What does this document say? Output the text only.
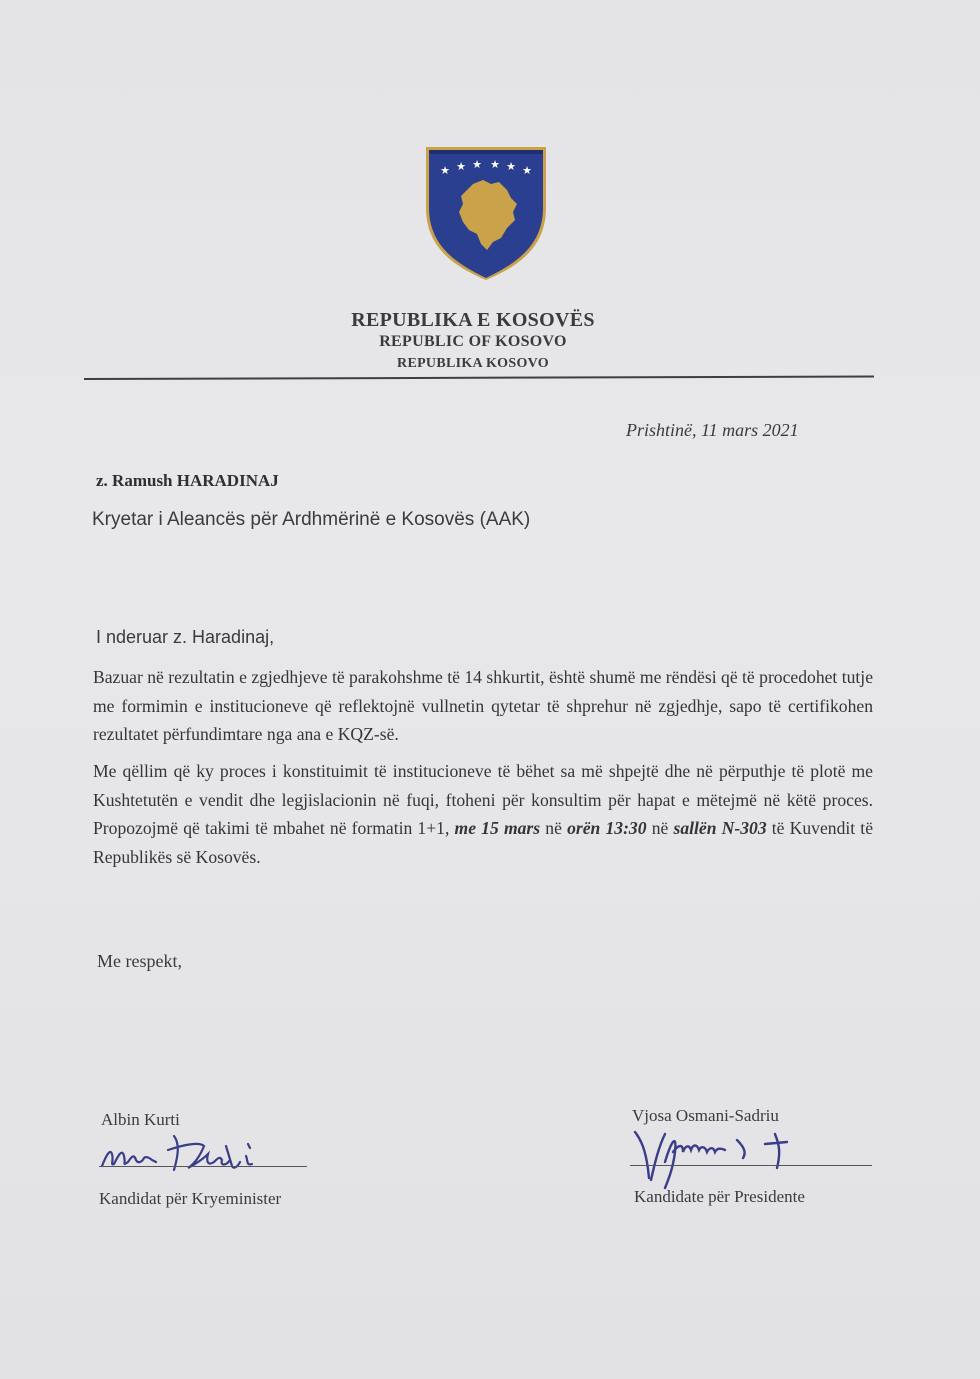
★ ★ ★ ★ ★ ★
REPUBLIKA E KOSOVËS
REPUBLIC OF KOSOVO
REPUBLIKA KOSOVO
Prishtinë, 11 mars 2021
z. Ramush HARADINAJ
Kryetar i Aleancës për Ardhmërinë e Kosovës (AAK)
I nderuar z. Haradinaj,
Bazuar në rezultatin e zgjedhjeve të parakohshme të 14 shkurtit, është shumë me rëndësi që të procedohet tutje me formimin e institucioneve që reflektojnë vullnetin qytetar të shprehur në zgjedhje, sapo të certifikohen rezultatet përfundimtare nga ana e KQZ-së.
Me qëllim që ky proces i konstituimit të institucioneve të bëhet sa më shpejtë dhe në përputhje të plotë me Kushtetutën e vendit dhe legjislacionin në fuqi, ftoheni për konsultim për hapat e mëtejmë në këtë proces. Propozojmë që takimi të mbahet në formatin 1+1, me 15 mars në orën 13:30 në sallën N-303 të Kuvendit të Republikës së Kosovës.
Me respekt,
Albin Kurti
Kandidat për Kryeminister
Vjosa Osmani-Sadriu
Kandidate për Presidente
